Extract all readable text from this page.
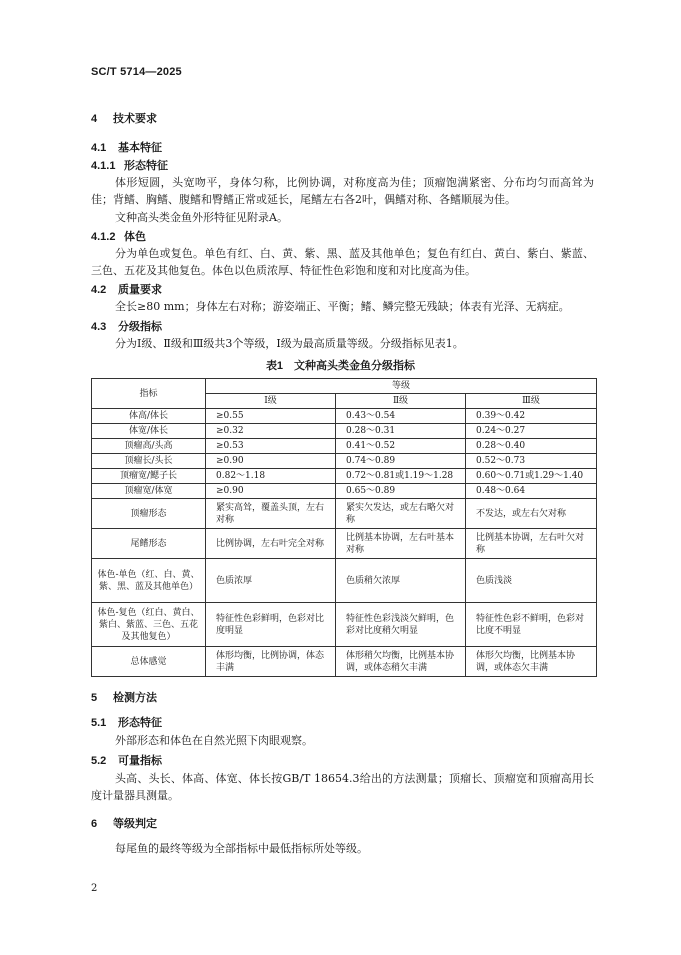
SC/T 5714—2025
4 技术要求
4.1 基本特征
4.1.1 形态特征
体形短圆，头宽吻平，身体匀称，比例协调，对称度高为佳；顶瘤饱满紧密、分布均匀而高耸为佳；背鳍、胸鳍、腹鳍和臀鳍正常或延长，尾鳍左右各2叶，偶鳍对称、各鳍顺展为佳。
文种高头类金鱼外形特征见附录A。
4.1.2 体色
分为单色或复色。单色有红、白、黄、紫、黑、蓝及其他单色；复色有红白、黄白、紫白、紫蓝、三色、五花及其他复色。体色以色质浓厚、特征性色彩饱和度和对比度高为佳。
4.2 质量要求
全长≥80 mm；身体左右对称；游姿端正、平衡；鳍、鳞完整无残缺；体表有光泽、无病症。
4.3 分级指标
分为Ⅰ级、Ⅱ级和Ⅲ级共3个等级，Ⅰ级为最高质量等级。分级指标见表1。
表1　文种高头类金鱼分级指标
指标	等级		
	Ⅰ级	Ⅱ级	Ⅲ级
体高/体长	≥0.55	0.43～0.54	0.39～0.42
体宽/体长	≥0.32	0.28～0.31	0.24～0.27
顶瘤高/头高	≥0.53	0.41～0.52	0.28～0.40
顶瘤长/头长	≥0.90	0.74～0.89	0.52～0.73
顶瘤宽/鳃子长	0.82～1.18	0.72～0.81或1.19～1.28	0.60～0.71或1.29～1.40
顶瘤宽/体宽	≥0.90	0.65～0.89	0.48～0.64
顶瘤形态	紧实高耸，覆盖头顶，左右对称	紧实欠发达，或左右略欠对称	不发达，或左右欠对称
尾鳍形态	比例协调，左右叶完全对称	比例基本协调，左右叶基本对称	比例基本协调，左右叶欠对称
体色-单色（红、白、黄、紫、黑、蓝及其他单色）	色质浓厚	色质稍欠浓厚	色质浅淡
体色-复色（红白、黄白、紫白、紫蓝、三色、五花及其他复色）	特征性色彩鲜明，色彩对比度明显	特征性色彩浅淡欠鲜明，色彩对比度稍欠明显	特征性色彩不鲜明，色彩对比度不明显
总体感觉	体形均衡，比例协调，体态丰满	体形稍欠均衡，比例基本协调，或体态稍欠丰满	体形欠均衡，比例基本协调，或体态欠丰满
5 检测方法
5.1 形态特征
外部形态和体色在自然光照下肉眼观察。
5.2 可量指标
头高、头长、体高、体宽、体长按GB/T 18654.3给出的方法测量；顶瘤长、顶瘤宽和顶瘤高用长度计量器具测量。
6 等级判定
每尾鱼的最终等级为全部指标中最低指标所处等级。
2
